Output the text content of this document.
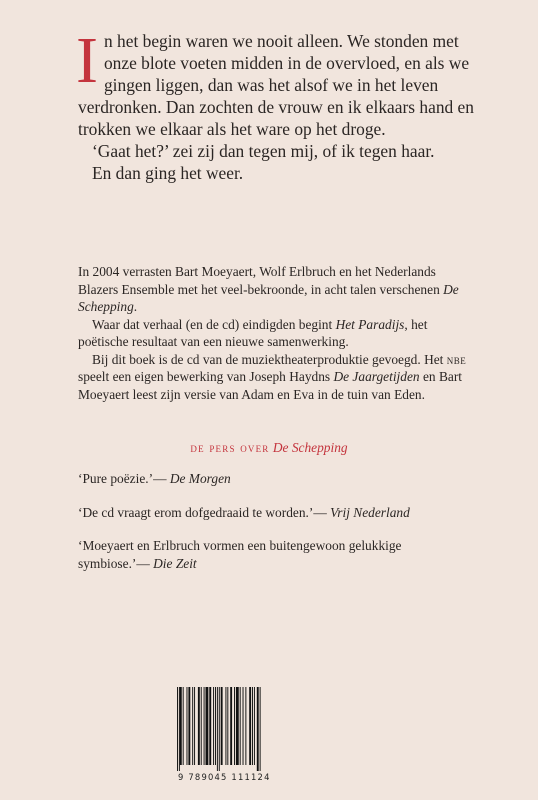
I n het begin waren we nooit alleen. We stonden met onze blote voeten midden in de overvloed, en als we gingen liggen, dan was het alsof we in het leven verdronken. Dan zochten de vrouw en ik elkaars hand en trokken we elkaar als het ware op het droge.

‘Gaat het?’ zei zij dan tegen mij, of ik tegen haar.

En dan ging het weer.

In 2004 verrasten Bart Moeyaert, Wolf Erlbruch en het Nederlands Blazers Ensemble met het veel-bekroonde, in acht talen verschenen De Schepping.

Waar dat verhaal (en de cd) eindigden begint Het Paradijs, het poëtische resultaat van een nieuwe samenwerking.

Bij dit boek is de cd van de muziektheaterproduktie gevoegd. Het nbe speelt een eigen bewerking van Joseph Haydns De Jaargetijden en Bart Moeyaert leest zijn versie van Adam en Eva in de tuin van Eden.

de pers over De Schepping

‘Pure poëzie.’— De Morgen

‘De cd vraagt erom dofgedraaid te worden.’— Vrij Nederland

‘Moeyaert en Erlbruch vormen een buitengewoon gelukkige symbiose.’— Die Zeit

9 789045 111124
